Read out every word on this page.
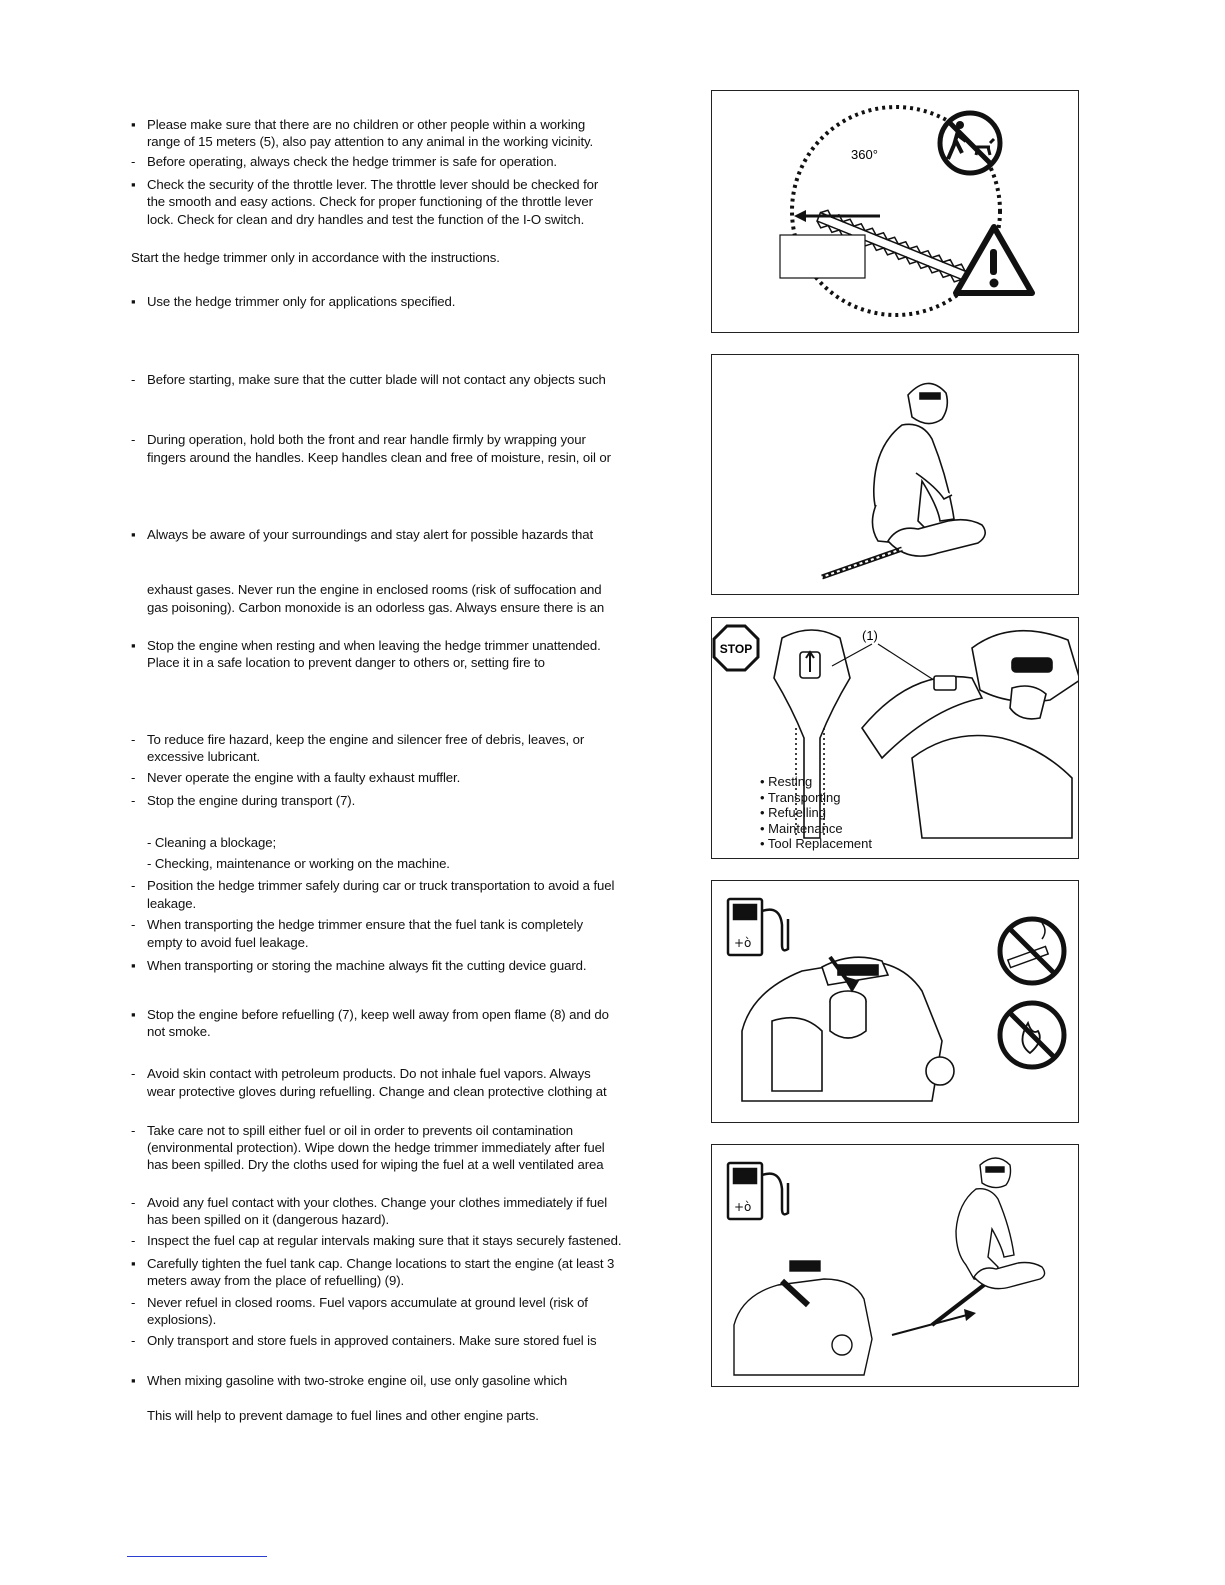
▪ Please make sure that there are no children or other people within a working
range of 15 meters (5), also pay attention to any animal in the working vicinity.
- Before operating, always check the hedge trimmer is safe for operation.
▪ Check the security of the throttle lever. The throttle lever should be checked for
the smooth and easy actions. Check for proper functioning of the throttle lever
lock. Check for clean and dry handles and test the function of the I-O switch.
Start the hedge trimmer only in accordance with the instructions.
▪ Use the hedge trimmer only for applications specified.
- Before starting, make sure that the cutter blade will not contact any objects such
- During operation, hold both the front and rear handle firmly by wrapping your
fingers around the handles. Keep handles clean and free of moisture, resin, oil or
▪ Always be aware of your surroundings and stay alert for possible hazards that
exhaust gases. Never run the engine in enclosed rooms (risk of suffocation and
gas poisoning). Carbon monoxide is an odorless gas. Always ensure there is an
▪ Stop the engine when resting and when leaving the hedge trimmer unattended.
Place it in a safe location to prevent danger to others or, setting fire to
- To reduce fire hazard, keep the engine and silencer free of debris, leaves, or
excessive lubricant.
- Never operate the engine with a faulty exhaust muffler.
- Stop the engine during transport (7).
- Cleaning a blockage;
- Checking, maintenance or working on the machine.
- Position the hedge trimmer safely during car or truck transportation to avoid a fuel
leakage.
- When transporting the hedge trimmer ensure that the fuel tank is completely
empty to avoid fuel leakage.
▪ When transporting or storing the machine always fit the cutting device guard.
▪ Stop the engine before refuelling (7), keep well away from open flame (8) and do
not smoke.
- Avoid skin contact with petroleum products. Do not inhale fuel vapors. Always
wear protective gloves during refuelling. Change and clean protective clothing at
- Take care not to spill either fuel or oil in order to prevents oil contamination
(environmental protection). Wipe down the hedge trimmer immediately after fuel
has been spilled. Dry the cloths used for wiping the fuel at a well ventilated area
- Avoid any fuel contact with your clothes. Change your clothes immediately if fuel
has been spilled on it (dangerous hazard).
- Inspect the fuel cap at regular intervals making sure that it stays securely fastened.
▪ Carefully tighten the fuel tank cap. Change locations to start the engine (at least 3
meters away from the place of refuelling) (9).
- Never refuel in closed rooms. Fuel vapors accumulate at ground level (risk of
explosions).
- Only transport and store fuels in approved containers. Make sure stored fuel is
▪ When mixing gasoline with two-stroke engine oil, use only gasoline which
This will help to prevent damage to fuel lines and other engine parts.
360°
STOP
(1)
• Resting
• Transporting
• Refuelling
• Maintenance
• Tool Replacement
+ò
+ò
